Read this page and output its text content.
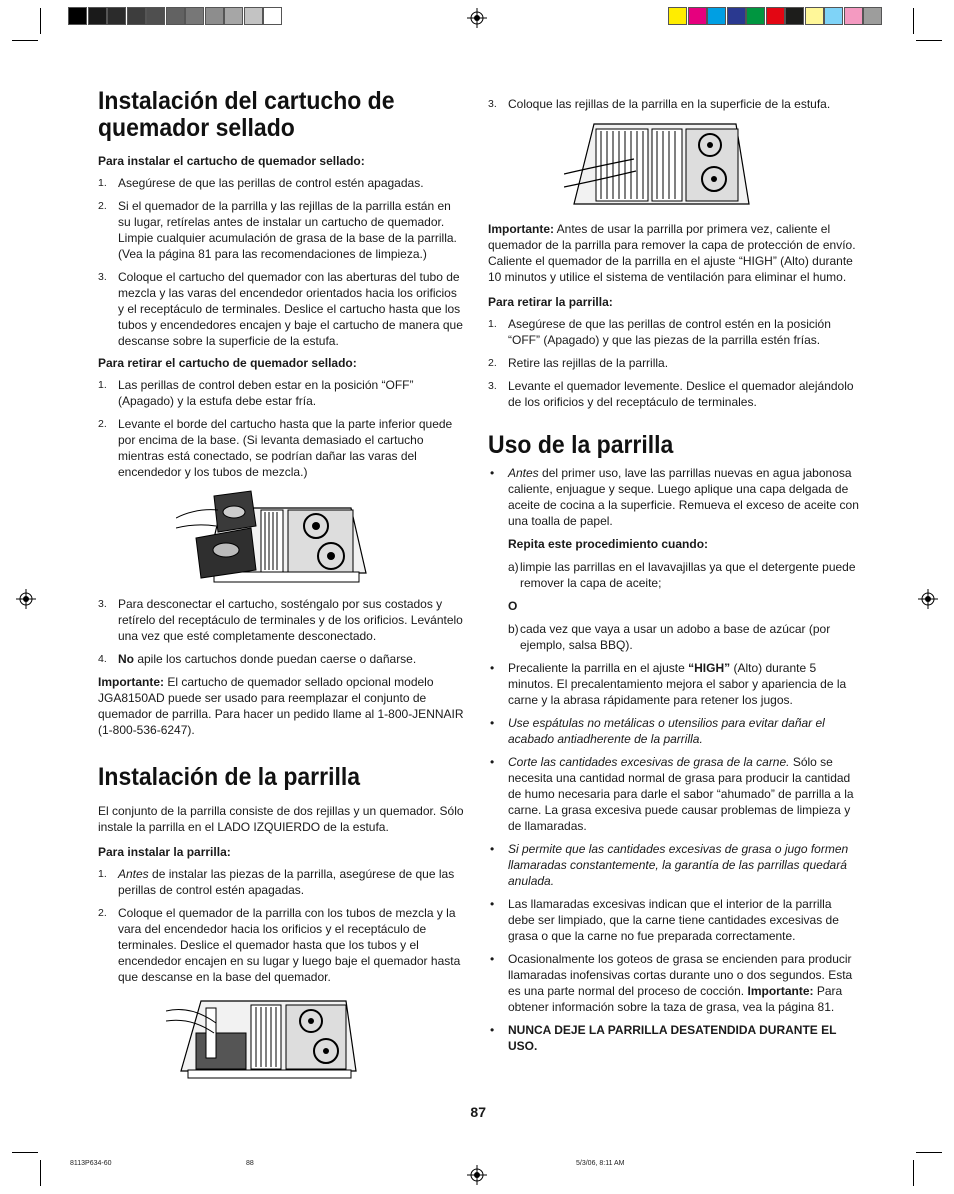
Instalación del cartucho de quemador sellado

Para instalar el cartucho de quemador sellado:

1. Asegúrese de que las perillas de control estén apagadas.
2. Si el quemador de la parrilla y las rejillas de la parrilla están en su lugar, retírelas antes de instalar un cartucho de quemador. Limpie cualquier acumulación de grasa de la base de la parrilla. (Vea la página 81 para las recomendaciones de limpieza.)
3. Coloque el cartucho del quemador con las aberturas del tubo de mezcla y las varas del encendedor orientados hacia los orificios y el receptáculo de terminales. Deslice el cartucho hasta que los tubos y encendedores encajen y baje el cartucho de manera que descanse sobre la superficie de la estufa.

Para retirar el cartucho de quemador sellado:

1. Las perillas de control deben estar en la posición “OFF” (Apagado) y la estufa debe estar fría.
2. Levante el borde del cartucho hasta que la parte inferior quede por encima de la base. (Si levanta demasiado el cartucho mientras está conectado, se podrían dañar las varas del encendedor y los tubos de mezcla.)
3. Para desconectar el cartucho, sosténgalo por sus costados y retírelo del receptáculo de terminales y de los orificios. Levántelo una vez que esté completamente desconectado.
4. No apile los cartuchos donde puedan caerse o dañarse.

Importante: El cartucho de quemador sellado opcional modelo JGA8150AD puede ser usado para reemplazar el conjunto de quemador de parrilla. Para hacer un pedido llame al 1-800-JENNAIR (1-800-536-6247).

Instalación de la parrilla

El conjunto de la parrilla consiste de dos rejillas y un quemador. Sólo instale la parrilla en el LADO IZQUIERDO de la estufa.

Para instalar la parrilla:

1. Antes de instalar las piezas de la parrilla, asegúrese de que las perillas de control estén apagadas.
2. Coloque el quemador de la parrilla con los tubos de mezcla y la vara del encendedor hacia los orificios y el receptáculo de terminales. Deslice el quemador hasta que los tubos y el encendedor encajen en su lugar y luego baje el quemador hasta que descanse en la base del quemador.
3. Coloque las rejillas de la parrilla en la superficie de la estufa.

Importante: Antes de usar la parrilla por primera vez, caliente el quemador de la parrilla para remover la capa de protección de envío. Caliente el quemador de la parrilla en el ajuste “HIGH” (Alto) durante 10 minutos y utilice el sistema de ventilación para eliminar el humo.

Para retirar la parrilla:

1. Asegúrese de que las perillas de control estén en la posición “OFF” (Apagado) y que las piezas de la parrilla estén frías.
2. Retire las rejillas de la parrilla.
3. Levante el quemador levemente. Deslice el quemador alejándolo de los orificios y del receptáculo de terminales.
Uso de la parrilla
• Antes del primer uso, lave las parrillas nuevas en agua jabonosa caliente, enjuague y seque. Luego aplique una capa delgada de aceite de cocina a la superficie. Remueva el exceso de aceite con una toalla de papel.

Repita este procedimiento cuando:

a) limpie las parrillas en el lavavajillas ya que el detergente puede remover la capa de aceite;

O

b) cada vez que vaya a usar un adobo a base de azúcar (por ejemplo, salsa BBQ).
• Precaliente la parrilla en el ajuste “HIGH” (Alto) durante 5 minutos. El precalentamiento mejora el sabor y apariencia de la carne y la abrasa rápidamente para retener los jugos.
• Use espátulas no metálicas o utensilios para evitar dañar el acabado antiadherente de la parrilla.
• Corte las cantidades excesivas de grasa de la carne. Sólo se necesita una cantidad normal de grasa para producir la cantidad de humo necesaria para darle el sabor “ahumado” de parrilla a la carne. La grasa excesiva puede causar problemas de limpieza y de llamaradas.
• Si permite que las cantidades excesivas de grasa o jugo formen llamaradas constantemente, la garantía de las parrillas quedará anulada.
• Las llamaradas excesivas indican que el interior de la parrilla debe ser limpiado, que la carne tiene cantidades excesivas de grasa o que la carne no fue preparada correctamente.
• Ocasionalmente los goteos de grasa se encienden para producir llamaradas inofensivas cortas durante uno o dos segundos. Esta es una parte normal del proceso de cocción. Importante: Para obtener información sobre la taza de grasa, vea la página 81.
• NUNCA DEJE LA PARRILLA DESATENDIDA DURANTE EL USO.
87
8113P634-60	88	5/3/06, 8:11 AM
